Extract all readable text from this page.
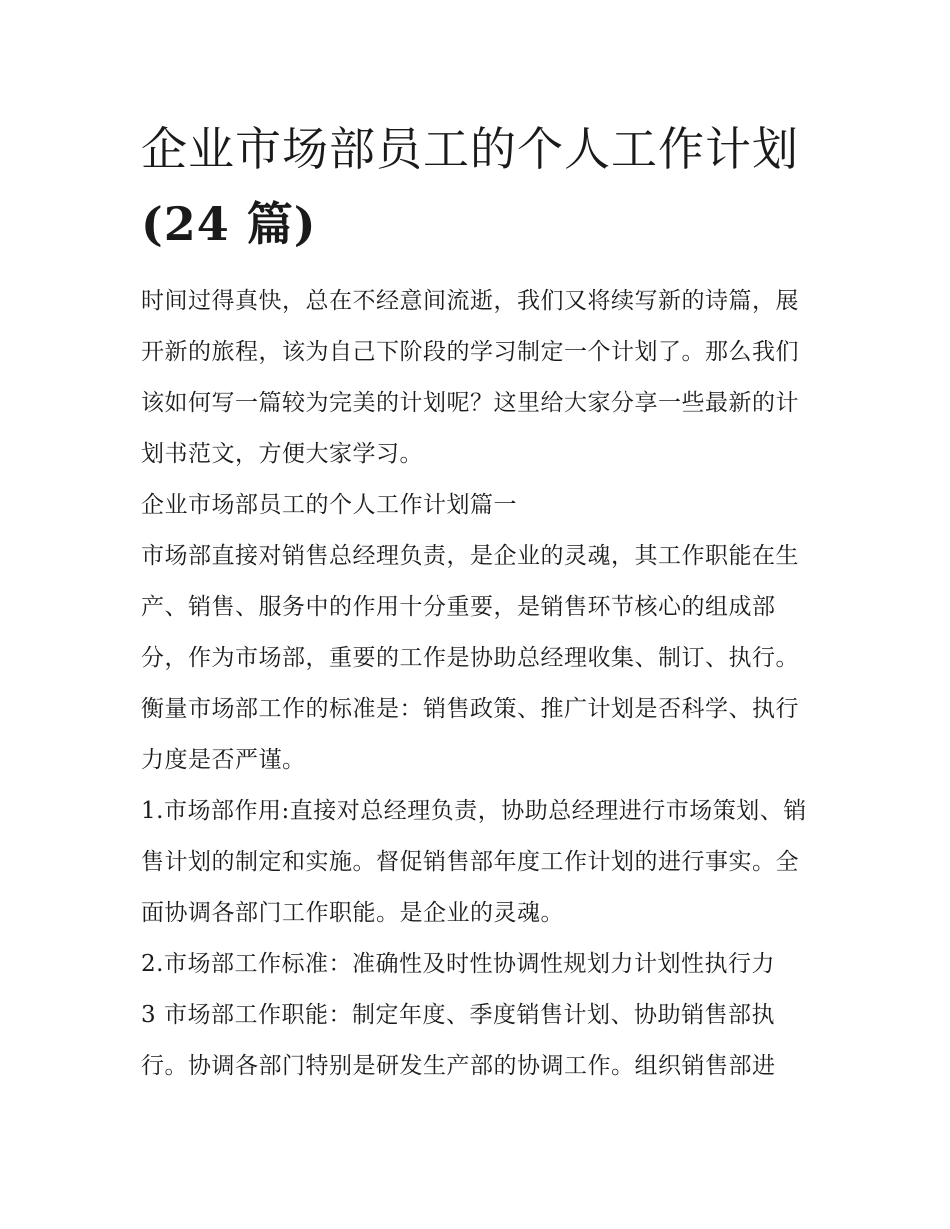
企业市场部员工的个人工作计划(24 篇)

时间过得真快，总在不经意间流逝，我们又将续写新的诗篇，展开新的旅程，该为自己下阶段的学习制定一个计划了。那么我们该如何写一篇较为完美的计划呢？这里给大家分享一些最新的计划书范文，方便大家学习。

企业市场部员工的个人工作计划篇一

市场部直接对销售总经理负责，是企业的灵魂，其工作职能在生产、销售、服务中的作用十分重要，是销售环节核心的组成部分，作为市场部，重要的工作是协助总经理收集、制订、执行。衡量市场部工作的标准是：销售政策、推广计划是否科学、执行力度是否严谨。

1.市场部作用:直接对总经理负责，协助总经理进行市场策划、销售计划的制定和实施。督促销售部年度工作计划的进行事实。全面协调各部门工作职能。是企业的灵魂。

2.市场部工作标准：准确性及时性协调性规划力计划性执行力

3 市场部工作职能：制定年度、季度销售计划、协助销售部执行。协调各部门特别是研发生产部的协调工作。组织销售部进
